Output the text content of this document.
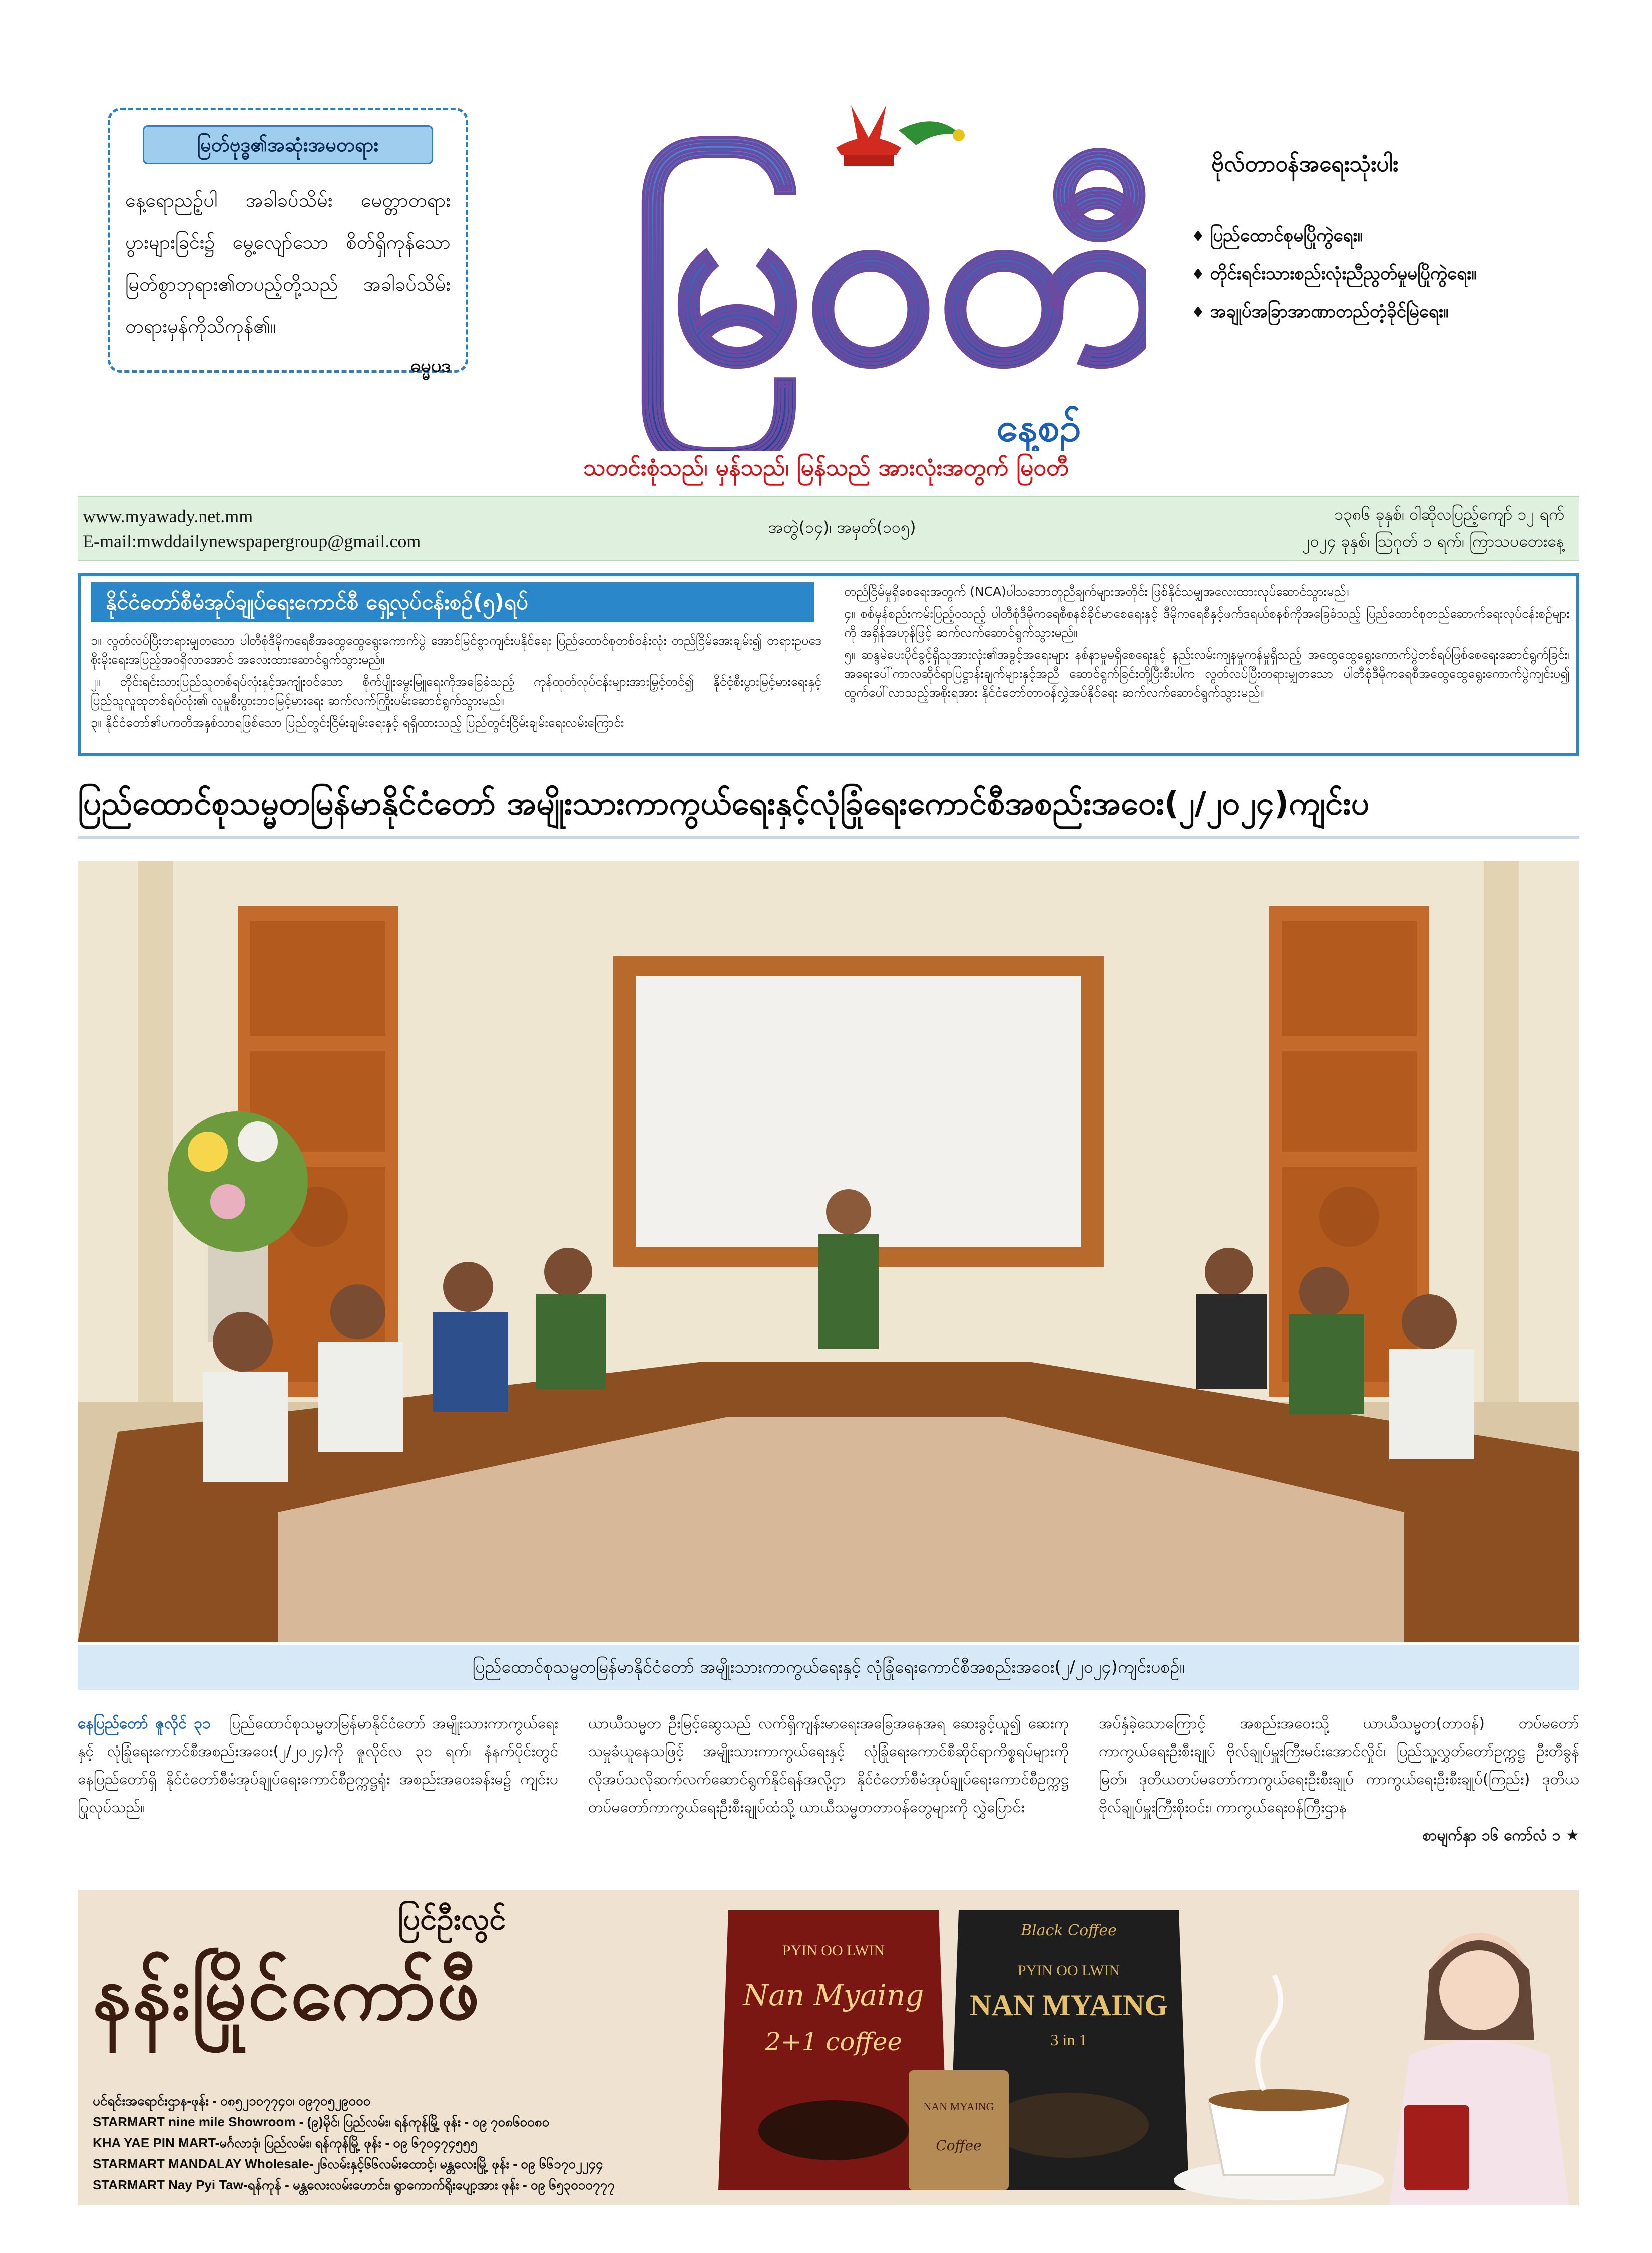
မြတ်ဗုဒ္ဓ၏အဆုံးအမတရား
နေ့ရောညဥ့်ပါ အခါခပ်သိမ်း မေတ္တာတရား ပွားများခြင်း၌ မွေ့လျော်သော စိတ်ရှိကုန်သော မြတ်စွာဘုရား၏တပည့်တို့သည် အခါခပ်သိမ်း တရားမှန်ကိုသိကုန်၏။
ဓမ္မပဒ မြဝတီ
နေ့စဉ်
သတင်းစုံသည်၊ မှန်သည်၊ မြန်သည် အားလုံးအတွက် မြဝတီ
ဗိုလ်တာဝန်အရေးသုံးပါး
♦ ပြည်ထောင်စုမပြိုကွဲရေး။
♦ တိုင်းရင်းသားစည်းလုံးညီညွတ်မှုမပြိုကွဲရေး။
♦ အချုပ်အခြာအာဏာတည်တံ့ခိုင်မြဲရေး။
www.myawady.net.mm
E-mail:mwddailynewspapergroup@gmail.com
အတွဲ(၁၄)၊ အမှတ်(၁၀၅)
၁၃၈၆ ခုနှစ်၊ ဝါဆိုလပြည့်ကျော် ၁၂ ရက်
၂၀၂၄ ခုနှစ်၊ ဩဂုတ် ၁ ရက်၊ ကြာသပတေးနေ့
နိုင်ငံတော်စီမံအုပ်ချုပ်ရေးကောင်စီ ရှေ့လုပ်ငန်းစဉ်(၅)ရပ်

၁။ လွတ်လပ်ပြီးတရားမျှတသော ပါတီစုံဒီမိုကရေစီအထွေထွေရွေးကောက်ပွဲ အောင်မြင်စွာကျင်းပနိုင်ရေး ပြည်ထောင်စုတစ်ဝန်းလုံး တည်ငြိမ်အေးချမ်း၍ တရားဥပဒေစိုးမိုးရေးအပြည့်အဝရှိလာအောင် အလေးထားဆောင်ရွက်သွားမည်။

၂။ တိုင်းရင်းသားပြည်သူတစ်ရပ်လုံးနှင့်အကျုံးဝင်သော စိုက်ပျိုးမွေးမြူရေးကိုအခြေခံသည့် ကုန်ထုတ်လုပ်ငန်းများအားမြှင့်တင်၍ နိုင်ငံ့စီးပွားမြင့်မားရေးနှင့် ပြည်သူလူထုတစ်ရပ်လုံး၏ လူမှုစီးပွားဘဝမြင့်မားရေး ဆက်လက်ကြိုးပမ်းဆောင်ရွက်သွားမည်။

၃။ နိုင်ငံတော်၏ပကတိအနှစ်သာရဖြစ်သော ပြည်တွင်းငြိမ်းချမ်းရေးနှင့် ရရှိထားသည့် ပြည်တွင်းငြိမ်းချမ်းရေးလမ်းကြောင်း

တည်ငြိမ်မှုရှိစေရေးအတွက် (NCA)ပါသဘောတူညီချက်များအတိုင်း ဖြစ်နိုင်သမျှအလေးထားလုပ်ဆောင်သွားမည်။

၄။ စစ်မှန်စည်းကမ်းပြည့်ဝသည့် ပါတီစုံဒီမိုကရေစီစနစ်ခိုင်မာစေရေးနှင့် ဒီမိုကရေစီနှင့်ဖက်ဒရယ်စနစ်ကိုအခြေခံသည့် ပြည်ထောင်စုတည်ဆောက်ရေးလုပ်ငန်းစဉ်များကို အရှိန်အဟုန်ဖြင့် ဆက်လက်ဆောင်ရွက်သွားမည်။

၅။ ဆန္ဒမဲပေးပိုင်ခွင့်ရှိသူအားလုံး၏အခွင့်အရေးများ နစ်နာမှုမရှိစေရေးနှင့် နည်းလမ်းကျနမှုကန်မှုရှိသည့် အထွေထွေရွေးကောက်ပွဲတစ်ရပ်ဖြစ်စေရေးဆောင်ရွက်ခြင်း၊ အရေးပေါ်ကာလဆိုင်ရာပြဋ္ဌာန်းချက်များနှင့်အညီ ဆောင်ရွက်ခြင်းတို့ပြီးစီးပါက လွတ်လပ်ပြီးတရားမျှတသော ပါတီစုံဒီမိုကရေစီအထွေထွေရွေးကောက်ပွဲကျင်းပ၍ ထွက်ပေါ်လာသည့်အစိုးရအား နိုင်ငံတော်တာဝန်လွှဲအပ်နိုင်ရေး ဆက်လက်ဆောင်ရွက်သွားမည်။

ပြည်ထောင်စုသမ္မတမြန်မာနိုင်ငံတော် အမျိုးသားကာကွယ်ရေးနှင့်လုံခြုံရေးကောင်စီအစည်းအဝေး(၂/၂၀၂၄)ကျင်းပ
ပြည်ထောင်စုသမ္မတမြန်မာနိုင်ငံတော် အမျိုးသားကာကွယ်ရေးနှင့် လုံခြုံရေးကောင်စီအစည်းအဝေး(၂/၂၀၂၄)ကျင်းပစဉ်။
နေပြည်တော် ဇူလိုင် ၃၁ ပြည်ထောင်စုသမ္မတမြန်မာနိုင်ငံတော် အမျိုးသားကာကွယ်ရေးနှင့် လုံခြုံရေးကောင်စီအစည်းအဝေး(၂/၂၀၂၄)ကို ဇူလိုင်လ ၃၁ ရက်၊ နံနက်ပိုင်းတွင် နေပြည်တော်ရှိ နိုင်ငံတော်စီမံအုပ်ချုပ်ရေးကောင်စီဥက္ကဋ္ဌရုံး အစည်းအဝေးခန်းမ၌ ကျင်းပပြုလုပ်သည်။
ယာယီသမ္မတ ဦးမြင့်ဆွေသည် လက်ရှိကျန်းမာရေးအခြေအနေအရ ဆေးခွင့်ယူ၍ ဆေးကုသမှုခံယူနေသဖြင့် အမျိုးသားကာကွယ်ရေးနှင့် လုံခြုံရေးကောင်စီဆိုင်ရာကိစ္စရပ်များကို လိုအပ်သလိုဆက်လက်ဆောင်ရွက်နိုင်ရန်အလို့ငှာ နိုင်ငံတော်စီမံအုပ်ချုပ်ရေးကောင်စီဥက္ကဋ္ဌ တပ်မတော်ကာကွယ်ရေးဦးစီးချုပ်ထံသို့ ယာယီသမ္မတတာဝန်တွေများကို လွှဲပြောင်း
အပ်နှံခဲ့သောကြောင့် အစည်းအဝေးသို့ ယာယီသမ္မတ(တာဝန်) တပ်မတော်ကာကွယ်ရေးဦးစီးချုပ် ဗိုလ်ချုပ်မှူးကြီးမင်းအောင်လှိုင်၊ ပြည်သူ့လွှတ်တော်ဥက္ကဋ္ဌ ဦးတီခွန်မြတ်၊ ဒုတိယတပ်မတော်ကာကွယ်ရေးဦးစီးချုပ် ကာကွယ်ရေးဦးစီးချုပ်(ကြည်း) ဒုတိယဗိုလ်ချုပ်မှူးကြီးစိုးဝင်း၊ ကာကွယ်ရေးဝန်ကြီးဌာန
စာမျက်နှာ ၁၆ ကော်လံ ၁ ★
ပြင်ဦးလွင်
နန်းမြိုင်ကော်ဖီ
ပင်ရင်းအရောင်းဌာန-ဖုန်း - ၀၈၅၂၁၀၇၇၄၀၊ ၀၉၇၀၅၂၉၀၀၀
STARMART nine mile Showroom - (၉)မိုင်၊ ပြည်လမ်း၊ ရန်ကုန်မြို့ ဖုန်း - ၀၉ ၇၀၈၆၀၀၈၀
KHA YAE PIN MART-မင်္ဂလာဒုံ၊ ပြည်လမ်း၊ ရန်ကုန်မြို့ ဖုန်း - ၀၉ ၆၇၀၄၇၄၅၅၅
STARMART MANDALAY Wholesale-၂၆လမ်းနှင့်၆၆လမ်းထောင့်၊ မန္တလေးမြို့ ဖုန်း - ၀၉ ၆၆၁၇၀၂၂၄၄
STARMART Nay Pyi Taw-ရန်ကုန် - မန္တလေးလမ်းဟောင်း၊ ရွာကောက်ရိုးပျော့အား ဖုန်း - ၀၉ ၆၅၃၀၁၀၇၇၇
PYIN OO LWIN
Nan Myaing
2+1 coffee
Black Coffee
PYIN OO LWIN
NAN MYAING
3 in 1
NAN MYAING
Coffee
